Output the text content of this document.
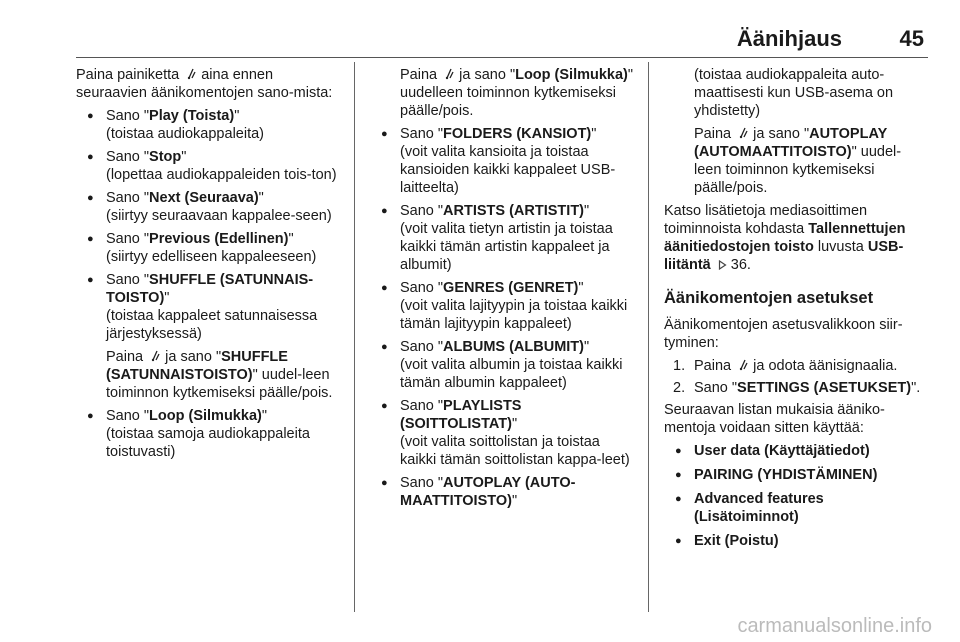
Äänihjaus	45

Paina painiketta  aina ennen seuraavien äänikomentojen sano-mista:

● Sano "Play (Toista)"

(toistaa audiokappaleita)

● Sano "Stop"

(lopettaa audiokappaleiden tois-ton)

● Sano "Next (Seuraava)"

(siirtyy seuraavaan kappalee-seen)

● Sano "Previous (Edellinen)"

(siirtyy edelliseen kappaleeseen)

● Sano "SHUFFLE (SATUNNAIS-TOISTO)"

(toistaa kappaleet satunnaisessa järjestyksessä)

Paina  ja sano "SHUFFLE (SATUNNAISTOISTO)" uudel-leen toiminnon kytkemiseksi päälle/pois.

● Sano "Loop (Silmukka)"

(toistaa samoja audiokappaleita toistuvasti)

Paina  ja sano "Loop (Silmukka)" uudelleen toiminnon kytkemiseksi päälle/pois.

● Sano "FOLDERS (KANSIOT)"

(voit valita kansioita ja toistaa kansioiden kaikki kappaleet USB-laitteelta)

● Sano "ARTISTS (ARTISTIT)"

(voit valita tietyn artistin ja toistaa kaikki tämän artistin kappaleet ja albumit)

● Sano "GENRES (GENRET)"

(voit valita lajityypin ja toistaa kaikki tämän lajityypin kappaleet)

● Sano "ALBUMS (ALBUMIT)"

(voit valita albumin ja toistaa kaikki tämän albumin kappaleet)

● Sano "PLAYLISTS (SOITTOLISTAT)"

(voit valita soittolistan ja toistaa kaikki tämän soittolistan kappa-leet)

● Sano "AUTOPLAY (AUTO-MAATTITOISTO)"

(toistaa audiokappaleita auto-maattisesti kun USB-asema on yhdistetty)

Paina  ja sano "AUTOPLAY (AUTOMAATTITOISTO)" uudel-leen toiminnon kytkemiseksi päälle/pois.

Katso lisätietoja mediasoittimen toiminnoista kohdasta Tallennettujen äänitiedostojen toisto luvusta USB-liitäntä  36.

Äänikomentojen asetukset

Äänikomentojen asetusvalikkoon siir-tyminen:

1. Paina  ja odota äänisignaalia.

2. Sano "SETTINGS (ASETUKSET)".

Seuraavan listan mukaisia ääniko-mentoja voidaan sitten käyttää:

● User data (Käyttäjätiedot)

● PAIRING (YHDISTÄMINEN)

● Advanced features (Lisätoiminnot)

● Exit (Poistu)

carmanualsonline.info
